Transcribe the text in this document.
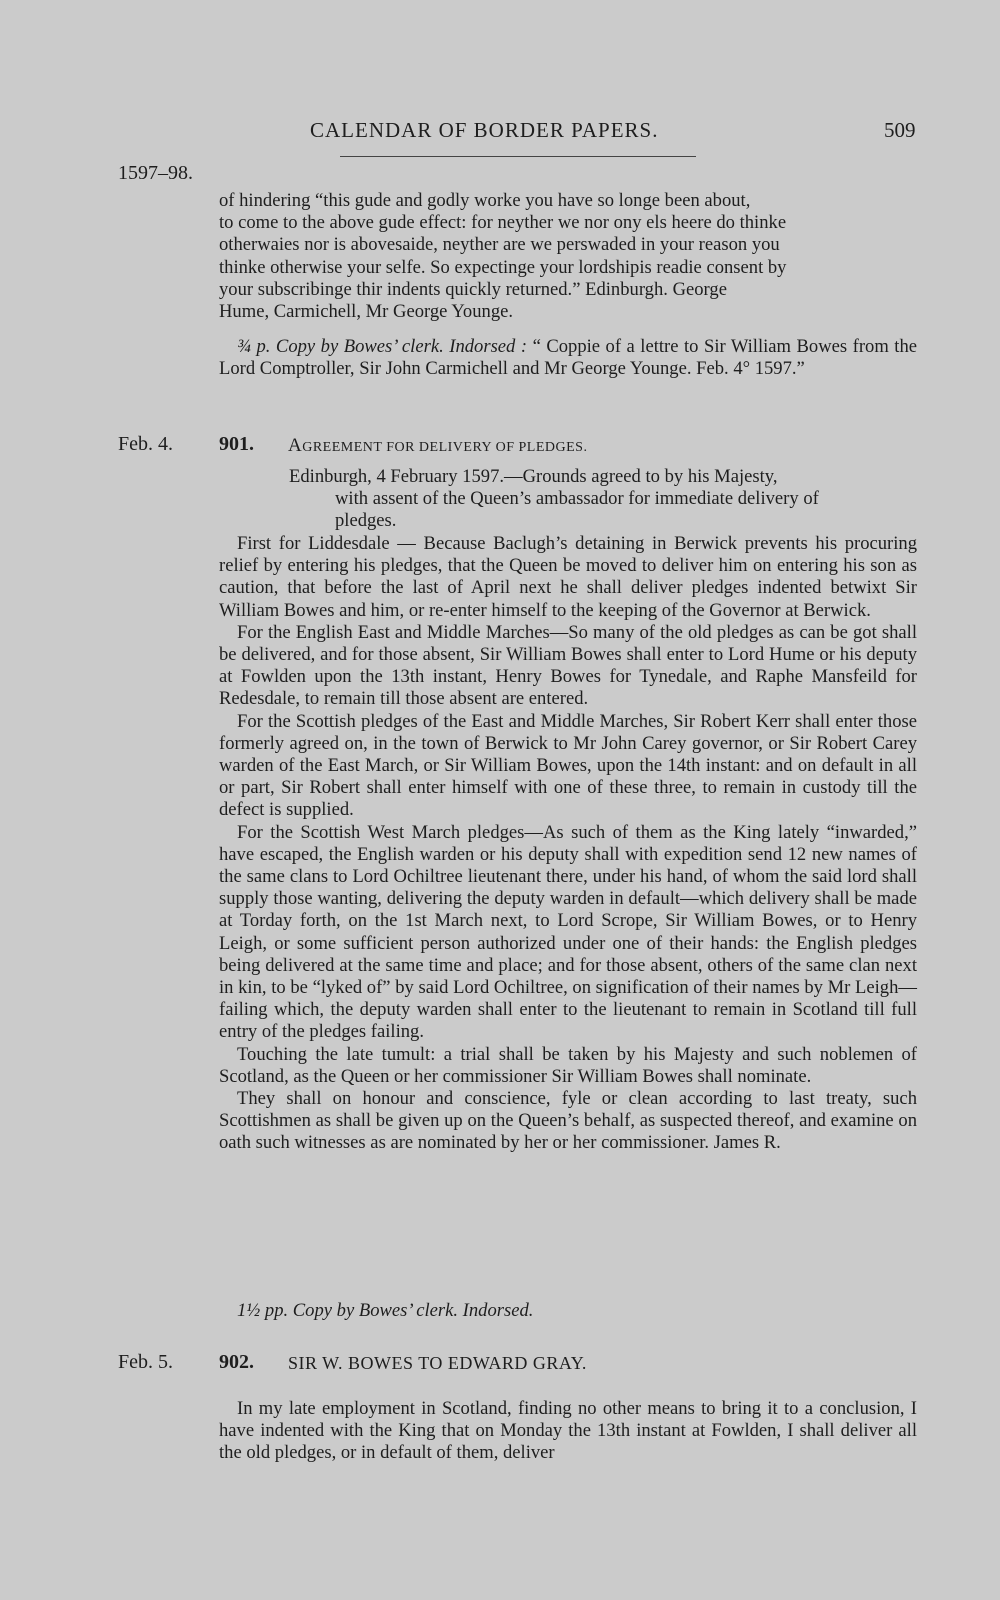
CALENDAR OF BORDER PAPERS.	509
1597–98.
of hindering “this gude and godly worke you have so longe been about,
to come to the above gude effect: for neyther we nor ony els heere do thinke
otherwaies nor is abovesaide, neyther are we perswaded in your reason you
thinke otherwise your selfe. So expectinge your lordshipis readie consent by
your subscribinge thir indents quickly returned.” Edinburgh. George
Hume, Carmichell, Mr George Younge.

¾ p. Copy by Bowes’ clerk. Indorsed : “ Coppie of a lettre to Sir William Bowes from the Lord Comptroller, Sir John Carmichell and Mr George Younge. Feb. 4° 1597.”

Feb. 4. 901. AGREEMENT FOR DELIVERY OF PLEDGES.
Edinburgh, 4 February 1597.—Grounds agreed to by his Majesty,
with assent of the Queen’s ambassador for immediate delivery of
pledges.

First for Liddesdale — Because Baclugh’s detaining in Berwick prevents his procuring relief by entering his pledges, that the Queen be moved to deliver him on entering his son as caution, that before the last of April next he shall deliver pledges indented betwixt Sir William Bowes and him, or re-enter himself to the keeping of the Governor at Berwick.

For the English East and Middle Marches—So many of the old pledges as can be got shall be delivered, and for those absent, Sir William Bowes shall enter to Lord Hume or his deputy at Fowlden upon the 13th instant, Henry Bowes for Tynedale, and Raphe Mansfeild for Redesdale, to remain till those absent are entered.

For the Scottish pledges of the East and Middle Marches, Sir Robert Kerr shall enter those formerly agreed on, in the town of Berwick to Mr John Carey governor, or Sir Robert Carey warden of the East March, or Sir William Bowes, upon the 14th instant: and on default in all or part, Sir Robert shall enter himself with one of these three, to remain in custody till the defect is supplied.

For the Scottish West March pledges—As such of them as the King lately “inwarded,” have escaped, the English warden or his deputy shall with expedition send 12 new names of the same clans to Lord Ochiltree lieutenant there, under his hand, of whom the said lord shall supply those wanting, delivering the deputy warden in default—which delivery shall be made at Torday forth, on the 1st March next, to Lord Scrope, Sir William Bowes, or to Henry Leigh, or some sufficient person authorized under one of their hands: the English pledges being delivered at the same time and place; and for those absent, others of the same clan next in kin, to be “lyked of” by said Lord Ochiltree, on signification of their names by Mr Leigh—failing which, the deputy warden shall enter to the lieutenant to remain in Scotland till full entry of the pledges failing.

Touching the late tumult: a trial shall be taken by his Majesty and such noblemen of Scotland, as the Queen or her commissioner Sir William Bowes shall nominate.

They shall on honour and conscience, fyle or clean according to last treaty, such Scottishmen as shall be given up on the Queen’s behalf, as suspected thereof, and examine on oath such witnesses as are nominated by her or her commissioner. James R.

1½ pp. Copy by Bowes’ clerk. Indorsed.

Feb. 5. 902. SIR W. BOWES TO EDWARD GRAY.

In my late employment in Scotland, finding no other means to bring it to a conclusion, I have indented with the King that on Monday the 13th instant at Fowlden, I shall deliver all the old pledges, or in default of them, deliver
